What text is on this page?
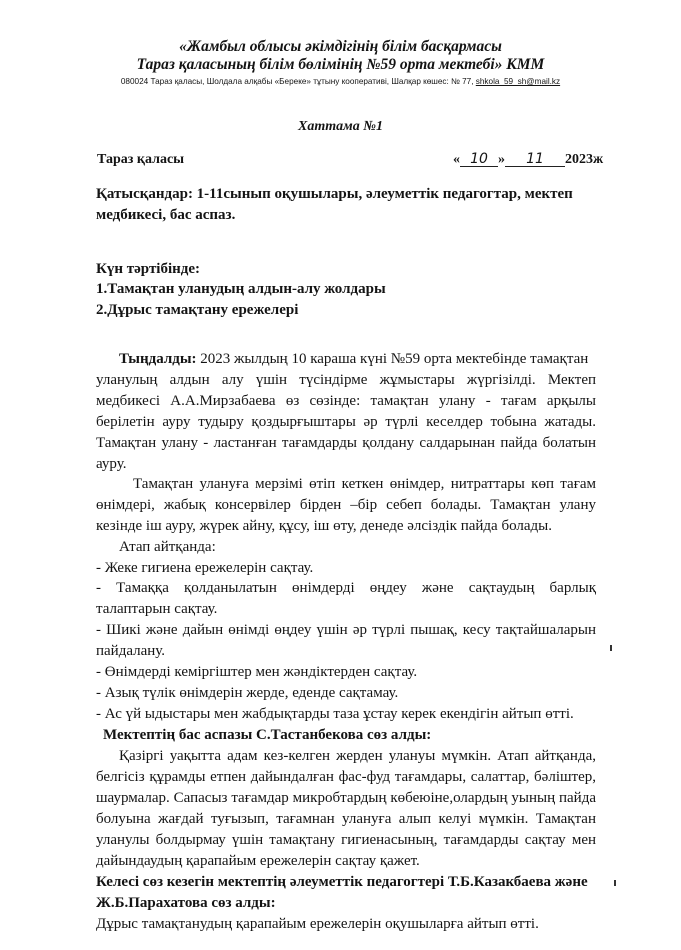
«Жамбыл облысы әкімдігінің білім басқармасы
Тараз қаласының білім бөлімінің №59 орта мектебі» КММ
080024 Тараз қаласы, Шолдала алқабы «Береке» тұтыну кооперативі, Шалқар көшес: № 77, shkola_59_sh@mail.kz
Хаттама №1
Тараз қаласы	« 10 » 11 2023ж
Қатысқандар: 1-11сынып оқушылары, әлеуметтік педагогтар, мектеп
медбикесі, бас аспаз.
Күн тәртібінде:
1.Тамақтан уланудың алдын-алу жолдары
2.Дұрыс тамақтану ережелері
Тыңдалды: 2023 жылдың 10 караша күні №59 орта мектебінде тамақтан
уланулың алдын алу үшін түсіндірме жұмыстары жүргізілді. Мектеп
медбикесі А.А.Мирзабаева өз сөзінде: тамақтан улану - тағам арқылы
берілетін ауру тудыру қоздырғыштары әр түрлі кеселдер тобына жатады.
Тамақтан улану - ластанған тағамдарды қолдану салдарынан пайда болатын
ауру.
Тамақтан улануға мерзімі өтіп кеткен өнімдер, нитраттары көп тағам
өнімдері, жабық консервілер бірден –бір себеп болады. Тамақтан улану
кезінде іш ауру, жүрек айну, құсу, іш өту, денеде әлсіздік пайда болады.
Атап айтқанда:
- Жеке гигиена ережелерін сақтау.
- Тамаққа қолданылатын өнімдерді өңдеу және сақтаудың барлық
талаптарын сақтау.
- Шикі және дайын өнімді өңдеу үшін әр түрлі пышақ, кесу тақтайшаларын
пайдалану.
- Өнімдерді кеміргіштер мен жәндіктерден сақтау.
- Азық түлік өнімдерін жерде, еденде сақтамау.
- Ас үй ыдыстары мен жабдықтарды таза ұстау керек екендігін айтып өтті.
Мектептің бас аспазы С.Тастанбекова сөз алды:
Қазіргі уақытта адам кез-келген жерден улануы мүмкін. Атап айтқанда,
белгісіз құрамды етпен дайындалған фас-фуд тағамдары, салаттар, бәліштер,
шаурмалар. Сапасыз тағамдар микробтардың көбеюіне,олардың уының пайда
болуына жағдай туғызып, тағамнан улануға алып келуі мүмкін. Тамақтан
уланулы болдырмау үшін тамақтану гигиенасының, тағамдарды сақтау мен
дайындаудың қарапайым ережелерін сақтау қажет.
Келесі сөз кезегін мектептің әлеуметтік педагогтері Т.Б.Казакбаева және
Ж.Б.Парахатова сөз алды:
Дұрыс тамақтанудың қарапайым ережелерін оқушыларға айтып өтті.
